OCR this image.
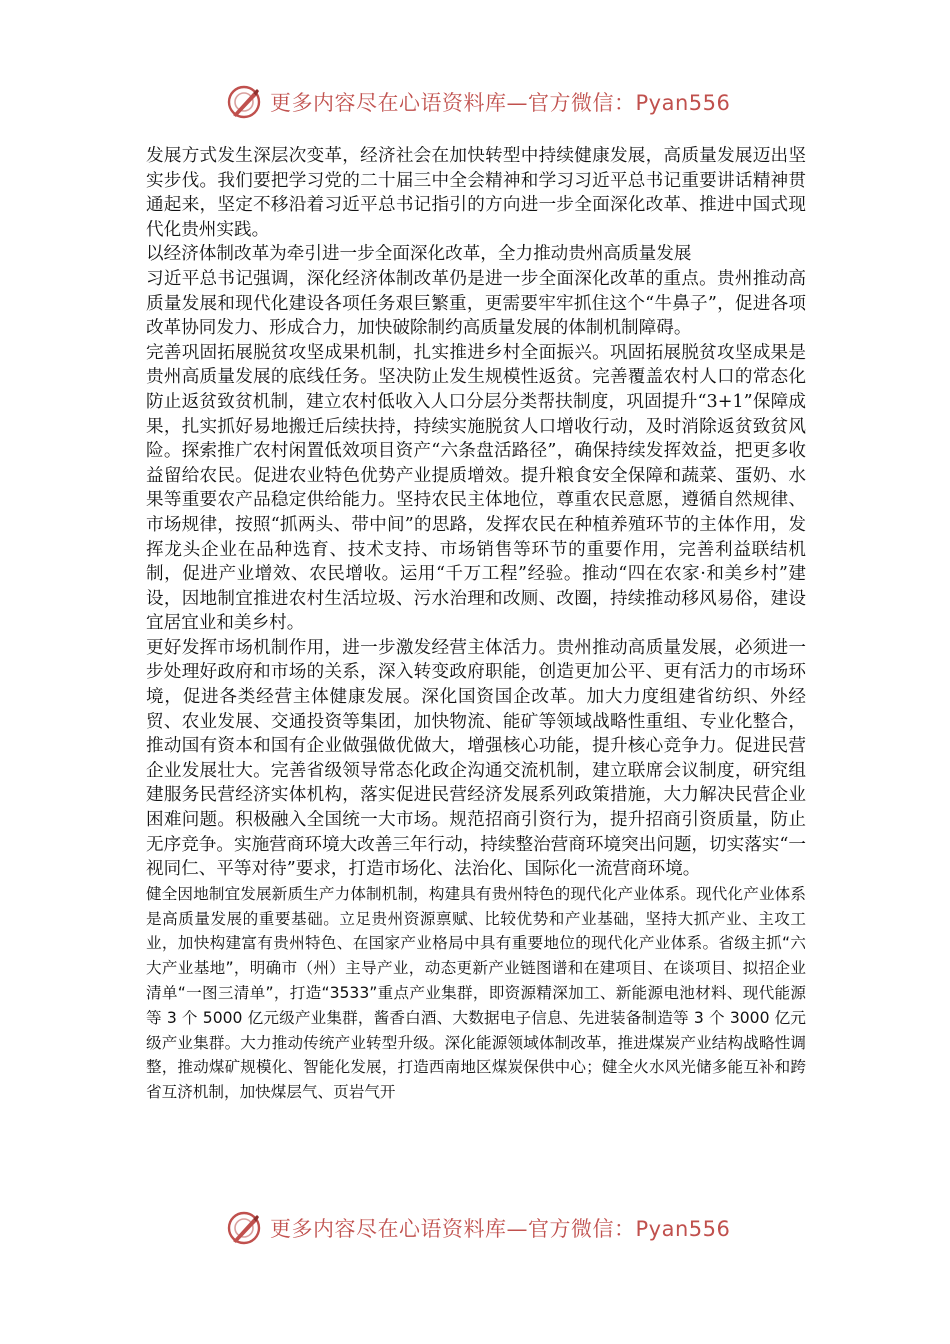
更多内容尽在心语资料库—官方微信：Pyan556

发展方式发生深层次变革，经济社会在加快转型中持续健康发展，高质量发展迈出坚实步伐。我们要把学习党的二十届三中全会精神和学习习近平总书记重要讲话精神贯通起来，坚定不移沿着习近平总书记指引的方向进一步全面深化改革、推进中国式现代化贵州实践。

以经济体制改革为牵引进一步全面深化改革，全力推动贵州高质量发展

习近平总书记强调，深化经济体制改革仍是进一步全面深化改革的重点。贵州推动高质量发展和现代化建设各项任务艰巨繁重，更需要牢牢抓住这个“牛鼻子”，促进各项改革协同发力、形成合力，加快破除制约高质量发展的体制机制障碍。

完善巩固拓展脱贫攻坚成果机制，扎实推进乡村全面振兴。巩固拓展脱贫攻坚成果是贵州高质量发展的底线任务。坚决防止发生规模性返贫。完善覆盖农村人口的常态化防止返贫致贫机制，建立农村低收入人口分层分类帮扶制度，巩固提升“3+1”保障成果，扎实抓好易地搬迁后续扶持，持续实施脱贫人口增收行动，及时消除返贫致贫风险。探索推广农村闲置低效项目资产“六条盘活路径”，确保持续发挥效益，把更多收益留给农民。促进农业特色优势产业提质增效。提升粮食安全保障和蔬菜、蛋奶、水果等重要农产品稳定供给能力。坚持农民主体地位，尊重农民意愿，遵循自然规律、市场规律，按照“抓两头、带中间”的思路，发挥农民在种植养殖环节的主体作用，发挥龙头企业在品种选育、技术支持、市场销售等环节的重要作用，完善利益联结机制，促进产业增效、农民增收。运用“千万工程”经验。推动“四在农家·和美乡村”建设，因地制宜推进农村生活垃圾、污水治理和改厕、改圈，持续推动移风易俗，建设宜居宜业和美乡村。

更好发挥市场机制作用，进一步激发经营主体活力。贵州推动高质量发展，必须进一步处理好政府和市场的关系，深入转变政府职能，创造更加公平、更有活力的市场环境，促进各类经营主体健康发展。深化国资国企改革。加大力度组建省纺织、外经贸、农业发展、交通投资等集团，加快物流、能矿等领域战略性重组、专业化整合，推动国有资本和国有企业做强做优做大，增强核心功能，提升核心竞争力。促进民营企业发展壮大。完善省级领导常态化政企沟通交流机制，建立联席会议制度，研究组建服务民营经济实体机构，落实促进民营经济发展系列政策措施，大力解决民营企业困难问题。积极融入全国统一大市场。规范招商引资行为，提升招商引资质量，防止无序竞争。实施营商环境大改善三年行动，持续整治营商环境突出问题，切实落实“一视同仁、平等对待”要求，打造市场化、法治化、国际化一流营商环境。

健全因地制宜发展新质生产力体制机制，构建具有贵州特色的现代化产业体系。现代化产业体系是高质量发展的重要基础。立足贵州资源禀赋、比较优势和产业基础，坚持大抓产业、主攻工业，加快构建富有贵州特色、在国家产业格局中具有重要地位的现代化产业体系。省级主抓“六大产业基地”，明确市（州）主导产业，动态更新产业链图谱和在建项目、在谈项目、拟招企业清单“一图三清单”，打造“3533”重点产业集群，即资源精深加工、新能源电池材料、现代能源等 3 个 5000 亿元级产业集群，酱香白酒、大数据电子信息、先进装备制造等 3 个 3000 亿元级产业集群。大力推动传统产业转型升级。深化能源领域体制改革，推进煤炭产业结构战略性调整，推动煤矿规模化、智能化发展，打造西南地区煤炭保供中心；健全火水风光储多能互补和跨省互济机制，加快煤层气、页岩气开

更多内容尽在心语资料库—官方微信：Pyan556
